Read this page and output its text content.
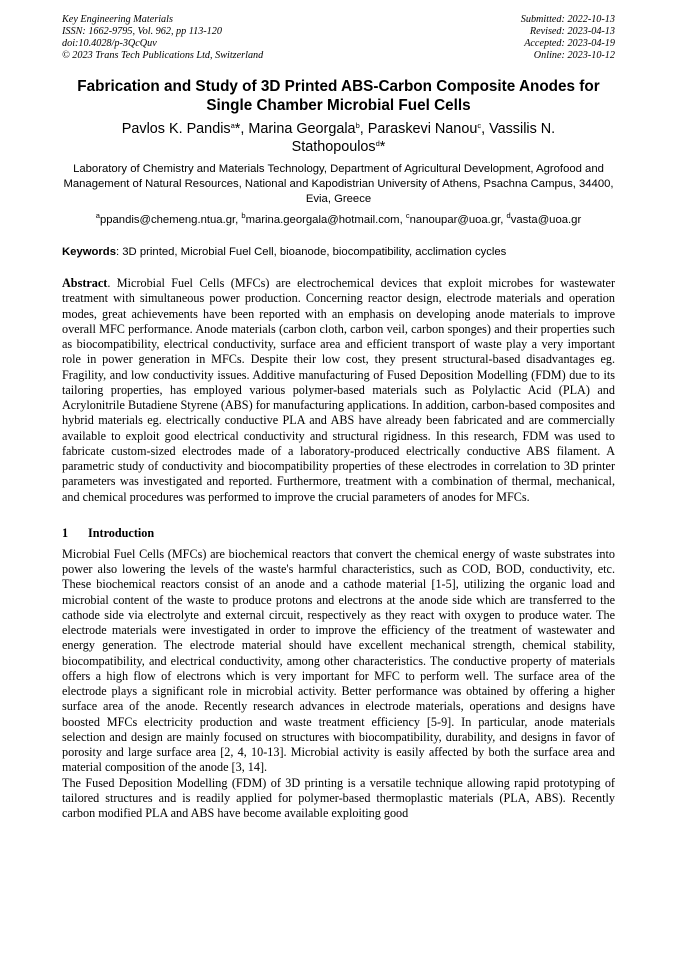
Key Engineering Materials
ISSN: 1662-9795, Vol. 962, pp 113-120
doi:10.4028/p-3QcQuv
© 2023 Trans Tech Publications Ltd, Switzerland
Submitted: 2022-10-13
Revised: 2023-04-13
Accepted: 2023-04-19
Online: 2023-10-12
Fabrication and Study of 3D Printed ABS-Carbon Composite Anodes for Single Chamber Microbial Fuel Cells
Pavlos K. Pandis$^a$*, Marina Georgala$^b$, Paraskevi Nanou$^c$, Vassilis N. Stathopoulos$^d$*
Laboratory of Chemistry and Materials Technology, Department of Agricultural Development, Agrofood and Management of Natural Resources, National and Kapodistrian University of Athens, Psachna Campus, 34400, Evia, Greece
$^a$ppandis@chemeng.ntua.gr, $^b$marina.georgala@hotmail.com, $^c$nanoupar@uoa.gr, $^d$vasta@uoa.gr
Keywords: 3D printed, Microbial Fuel Cell, bioanode, biocompatibility, acclimation cycles
Abstract. Microbial Fuel Cells (MFCs) are electrochemical devices that exploit microbes for wastewater treatment with simultaneous power production. Concerning reactor design, electrode materials and operation modes, great achievements have been reported with an emphasis on developing anode materials to improve overall MFC performance. Anode materials (carbon cloth, carbon veil, carbon sponges) and their properties such as biocompatibility, electrical conductivity, surface area and efficient transport of waste play a very important role in power generation in MFCs. Despite their low cost, they present structural-based disadvantages eg. Fragility, and low conductivity issues. Additive manufacturing of Fused Deposition Modelling (FDM) due to its tailoring properties, has employed various polymer-based materials such as Polylactic Acid (PLA) and Acrylonitrile Butadiene Styrene (ABS) for manufacturing applications. In addition, carbon-based composites and hybrid materials eg. electrically conductive PLA and ABS have already been fabricated and are commercially available to exploit good electrical conductivity and structural rigidness. In this research, FDM was used to fabricate custom-sized electrodes made of a laboratory-produced electrically conductive ABS filament. A parametric study of conductivity and biocompatibility properties of these electrodes in correlation to 3D printer parameters was investigated and reported. Furthermore, treatment with a combination of thermal, mechanical, and chemical procedures was performed to improve the crucial parameters of anodes for MFCs.
1 Introduction
Microbial Fuel Cells (MFCs) are biochemical reactors that convert the chemical energy of waste substrates into power also lowering the levels of the waste's harmful characteristics, such as COD, BOD, conductivity, etc. These biochemical reactors consist of an anode and a cathode material [1-5], utilizing the organic load and microbial content of the waste to produce protons and electrons at the anode side which are transferred to the cathode side via electrolyte and external circuit, respectively as they react with oxygen to produce water. The electrode materials were investigated in order to improve the efficiency of the treatment of wastewater and energy generation. The electrode material should have excellent mechanical strength, chemical stability, biocompatibility, and electrical conductivity, among other characteristics. The conductive property of materials offers a high flow of electrons which is very important for MFC to perform well. The surface area of the electrode plays a significant role in microbial activity. Better performance was obtained by offering a higher surface area of the anode. Recently research advances in electrode materials, operations and designs have boosted MFCs electricity production and waste treatment efficiency [5-9]. In particular, anode materials selection and design are mainly focused on structures with biocompatibility, durability, and designs in favor of porosity and large surface area [2, 4, 10-13]. Microbial activity is easily affected by both the surface area and material composition of the anode [3, 14].
The Fused Deposition Modelling (FDM) of 3D printing is a versatile technique allowing rapid prototyping of tailored structures and is readily applied for polymer-based thermoplastic materials (PLA, ABS). Recently carbon modified PLA and ABS have become available exploiting good
